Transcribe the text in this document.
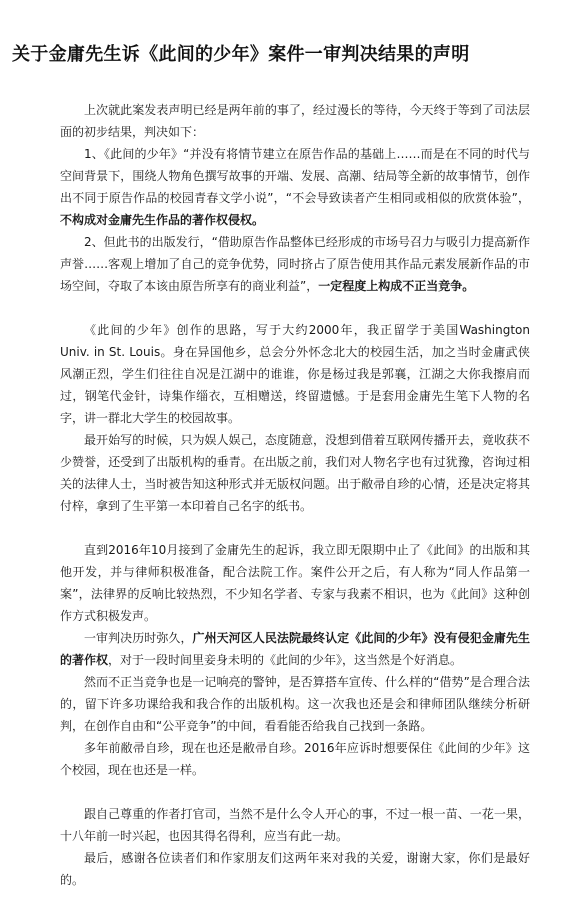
关于金庸先生诉《此间的少年》案件一审判决结果的声明

上次就此案发表声明已经是两年前的事了，经过漫长的等待，今天终于等到了司法层面的初步结果，判决如下：

1、《此间的少年》“并没有将情节建立在原告作品的基础上……而是在不同的时代与空间背景下，围绕人物角色撰写故事的开端、发展、高潮、结局等全新的故事情节，创作出不同于原告作品的校园青春文学小说”，“不会导致读者产生相同或相似的欣赏体验”，不构成对金庸先生作品的著作权侵权。

2、但此书的出版发行，“借助原告作品整体已经形成的市场号召力与吸引力提高新作声誉……客观上增加了自己的竞争优势，同时挤占了原告使用其作品元素发展新作品的市场空间，夺取了本该由原告所享有的商业利益”，一定程度上构成不正当竞争。

《此间的少年》创作的思路，写于大约2000年，我正留学于美国Washington Univ. in St. Louis。身在异国他乡，总会分外怀念北大的校园生活，加之当时金庸武侠风潮正烈，学生们往往自况是江湖中的谁谁，你是杨过我是郭襄，江湖之大你我擦肩而过，钢笔代金针，诗集作缁衣，互相赠送，终留遗憾。于是套用金庸先生笔下人物的名字，讲一群北大学生的校园故事。

最开始写的时候，只为娱人娱己，态度随意，没想到借着互联网传播开去，竟收获不少赞誉，还受到了出版机构的垂青。在出版之前，我们对人物名字也有过犹豫，咨询过相关的法律人士，当时被告知这种形式并无版权问题。出于敝帚自珍的心情，还是决定将其付梓，拿到了生平第一本印着自己名字的纸书。

直到2016年10月接到了金庸先生的起诉，我立即无限期中止了《此间》的出版和其他开发，并与律师积极准备，配合法院工作。案件公开之后，有人称为“同人作品第一案”，法律界的反响比较热烈，不少知名学者、专家与我素不相识，也为《此间》这种创作方式积极发声。

一审判决历时弥久，广州天河区人民法院最终认定《此间的少年》没有侵犯金庸先生的著作权，对于一段时间里妾身未明的《此间的少年》，这当然是个好消息。

然而不正当竞争也是一记响亮的警钟，是否算搭车宣传、什么样的“借势”是合理合法的，留下许多功课给我和我合作的出版机构。这一次我也还是会和律师团队继续分析研判，在创作自由和“公平竞争”的中间，看看能否给我自己找到一条路。

多年前敝帚自珍，现在也还是敝帚自珍。2016年应诉时想要保住《此间的少年》这个校园，现在也还是一样。

跟自己尊重的作者打官司，当然不是什么令人开心的事，不过一根一苗、一花一果，十八年前一时兴起，也因其得名得利，应当有此一劫。

最后，感谢各位读者们和作家朋友们这两年来对我的关爱，谢谢大家，你们是最好的。
